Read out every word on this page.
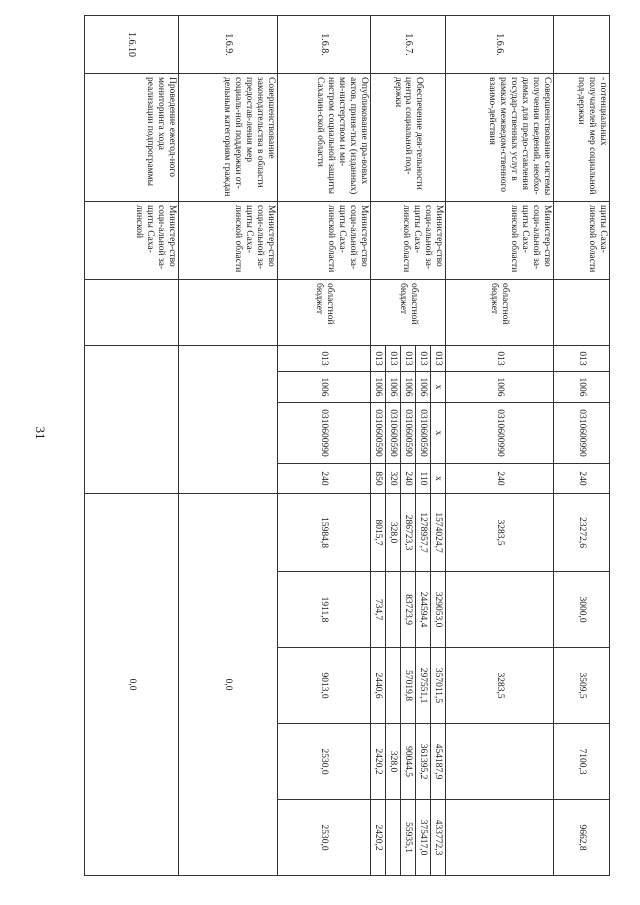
31
	- потенциальных получателей мер социальной под-держки	щиты Саха-линской области		013	1006	0310600990	240	23272,6	3000,0	3509,5	7100,3	9662,8
1.6.6.	Совершенствование системы получения сведений, необхо-димых для предо-ставления государ-ственных услуг в рамках межведом-ственного взаимо-действия	Министер-ство соци-альной за-щиты Саха-линской области	областной бюджет	013	1006	0310600990	240	3283,5		3283,5		
1.6.7.	Обеспечение дея-тельности центра социальной под-держки	Министер-ство соци-альной за-щиты Саха-линской области	областной бюджет	013	х	х	х	1574024,7	329053,0	357011,5	454187,9	433772,3
				013	1006	0310600590	110	1278957,7	244594,4	297551,1	361395,2	375417,0
				013	1006	0310600590	240	286723,3	83723,9	57019,8	90044,5	55935,1
				013	1006	0310600590	320	328,0			328,0	
				013	1006	0310600590	850	8015,7	734,7	2440,6	2420,2	2420,2
1.6.8.	Опубликование пра-вовых актов, приня-тых (изданных) ми-нистерством и ми-нистром социальной защиты Сахалин-ской области	Министер-ство соци-альной за-щиты Саха-линской области	областной бюджет	013	1006	0310600990	240	15984,8	1911,8	9013,0	2530,0	2530,0
1.6.9.	Совершенствование законодательства в области предостав-ления мер социаль-ной поддержки от-дельным категориям граждан	Министер-ство соци-альной за-щиты Саха-линской области						0,0				
1.6.10	Проведение ежегод-ного мониторинга хода реализации подпрограммы	Министер-ство соци-альной за-щиты Саха-линской						0,0				
